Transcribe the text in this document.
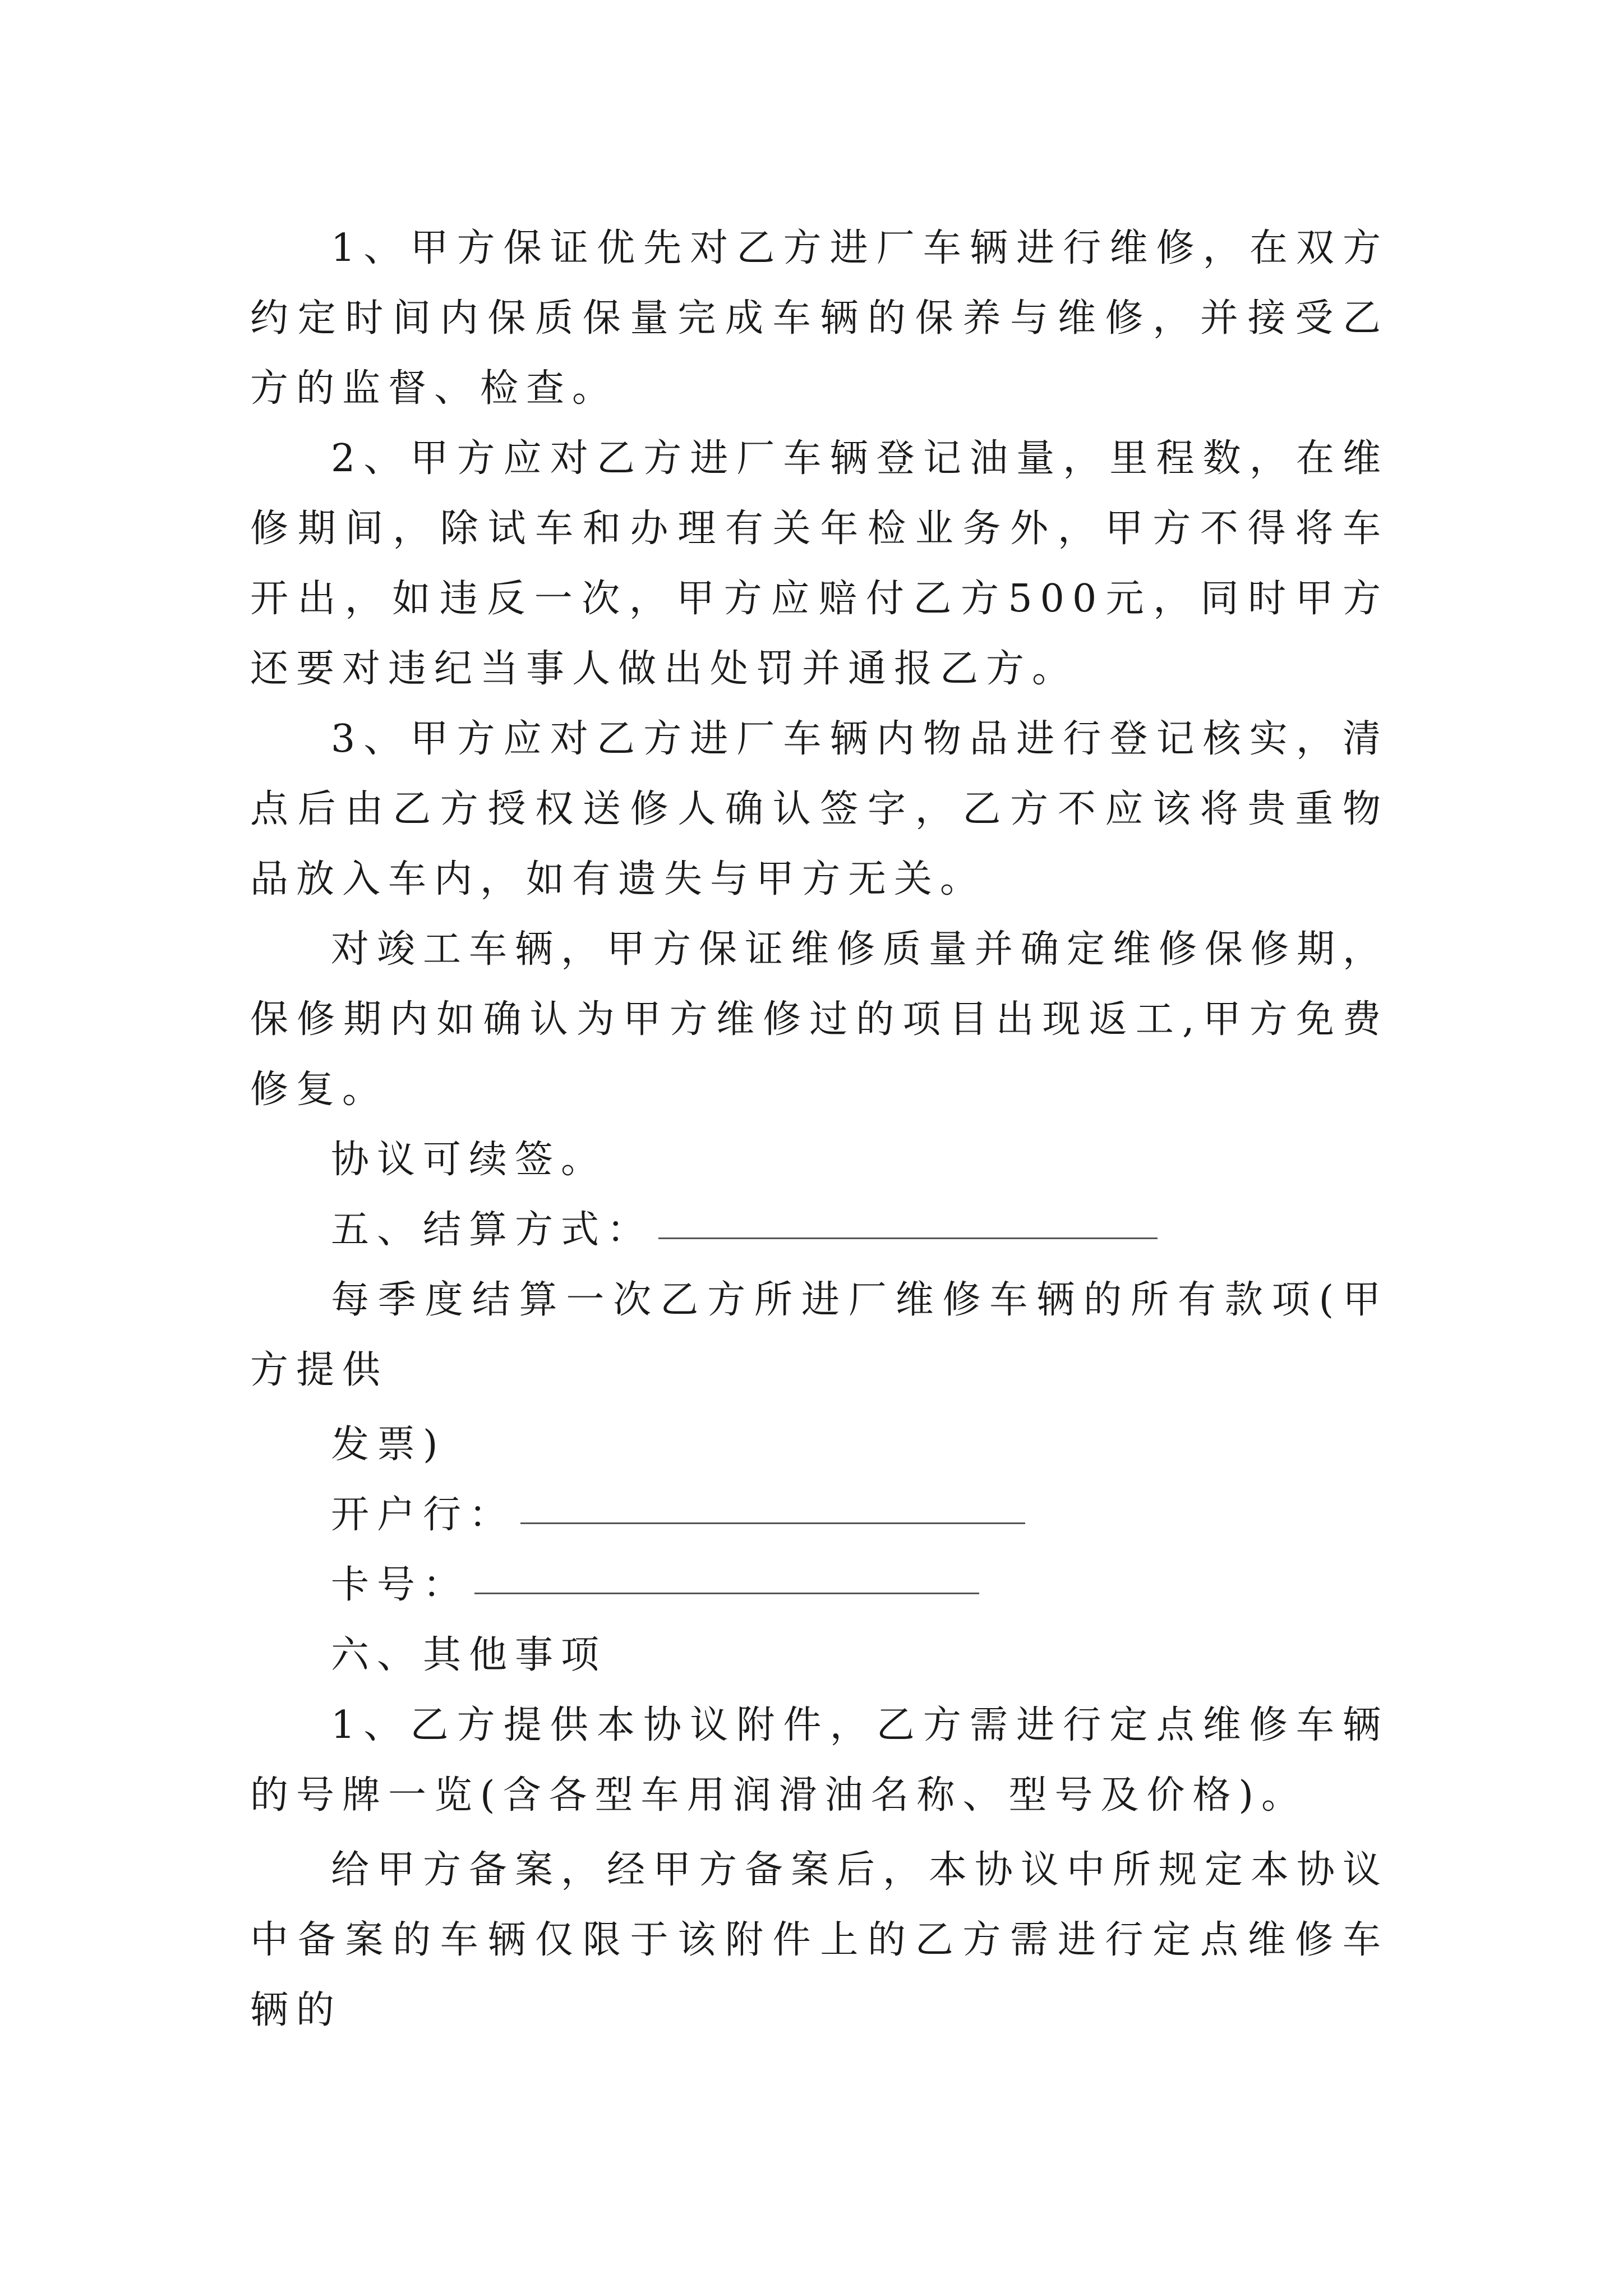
1、甲方保证优先对乙方进厂车辆进行维修，在双方约定时间内保质保量完成车辆的保养与维修，并接受乙方的监督、检查。

2、甲方应对乙方进厂车辆登记油量，里程数，在维修期间，除试车和办理有关年检业务外，甲方不得将车开出，如违反一次，甲方应赔付乙方500元，同时甲方还要对违纪当事人做出处罚并通报乙方。

3、甲方应对乙方进厂车辆内物品进行登记核实，清点后由乙方授权送修人确认签字，乙方不应该将贵重物品放入车内，如有遗失与甲方无关。

对竣工车辆，甲方保证维修质量并确定维修保修期，保修期内如确认为甲方维修过的项目出现返工,甲方免费修复。

协议可续签。

五、结算方式：

每季度结算一次乙方所进厂维修车辆的所有款项(甲方提供

发票)

开户行：

卡号：

六、其他事项

1、乙方提供本协议附件，乙方需进行定点维修车辆的号牌一览(含各型车用润滑油名称、型号及价格)。

给甲方备案，经甲方备案后，本协议中所规定本协议中备案的车辆仅限于该附件上的乙方需进行定点维修车辆的
